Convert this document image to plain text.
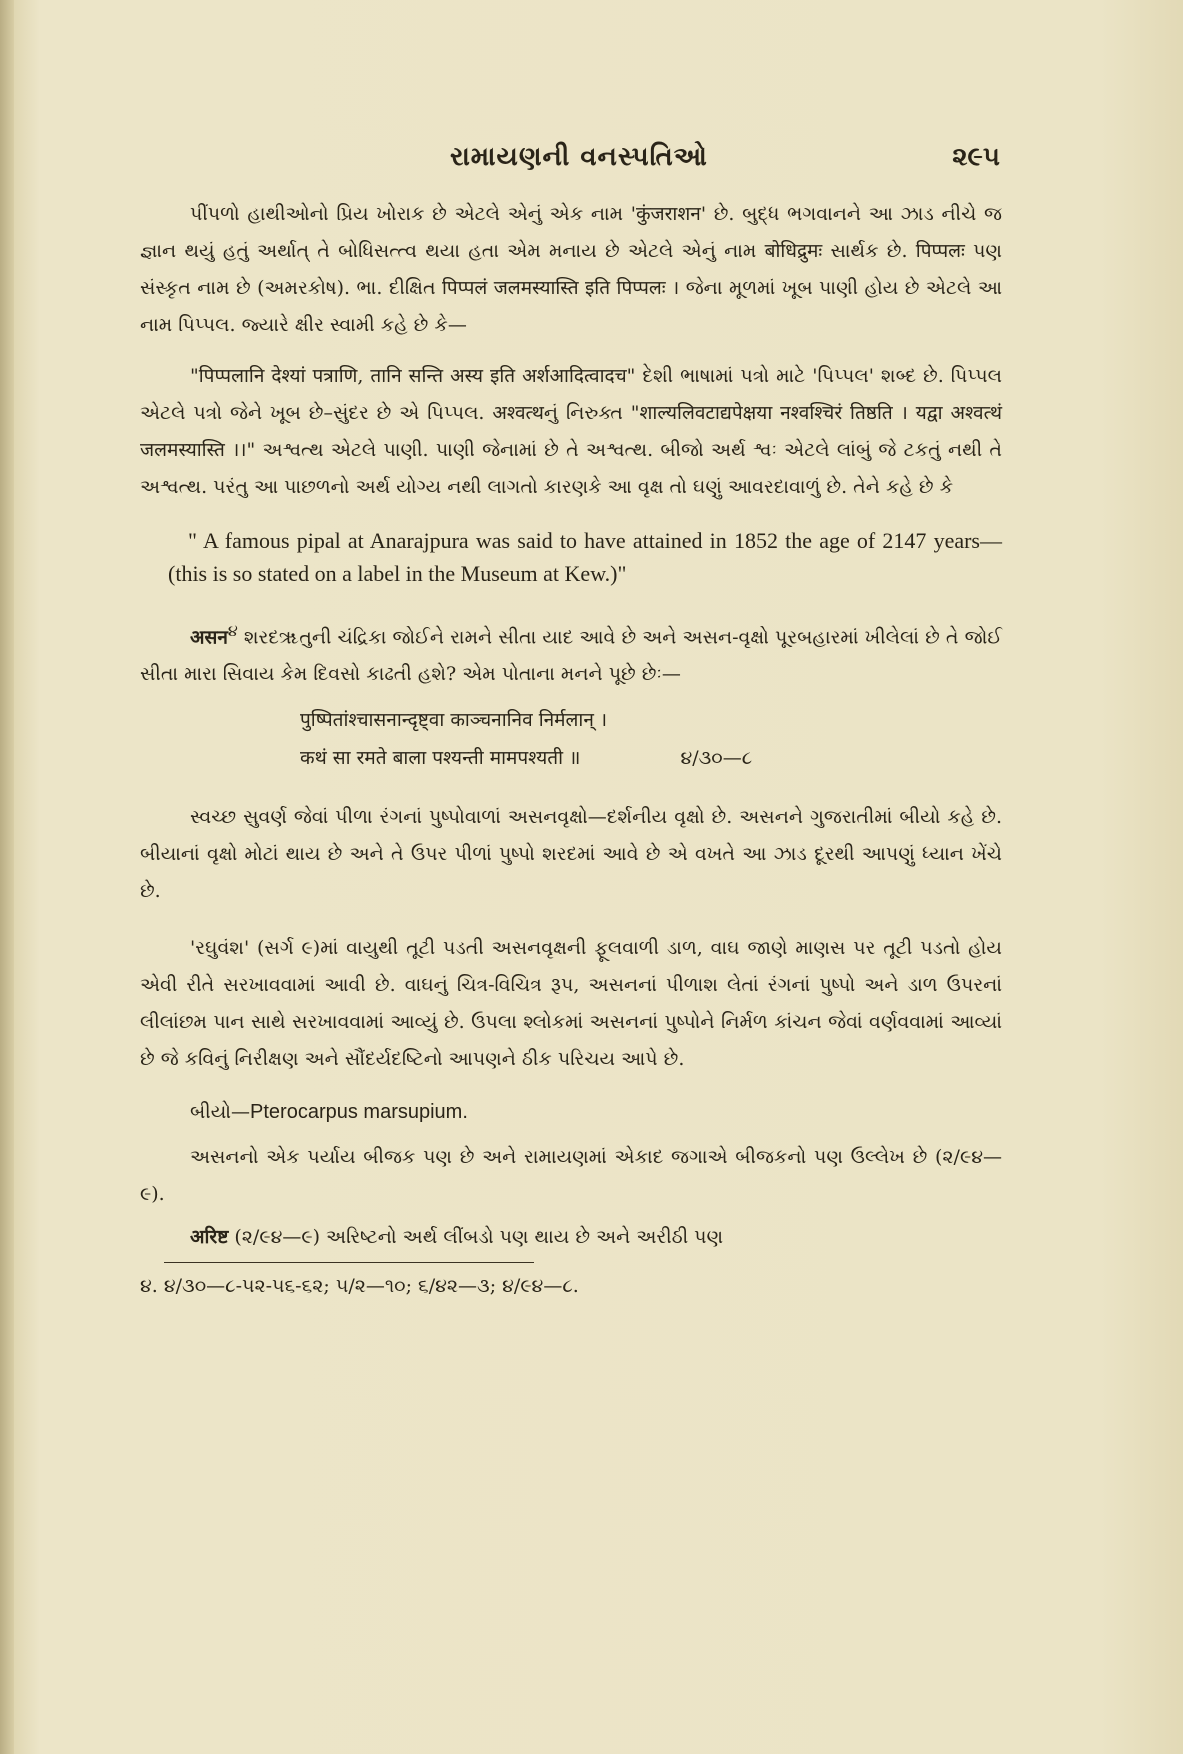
રામાયણની વનસ્પતિઓ	૨૯૫

પીંપળો હાથીઓનો પ્રિય ખોરાક છે એટલે એનું એક નામ 'कुंजराशन' છે. બુદ્ધ ભગવાનને આ ઝાડ નીચે જ જ્ઞાન થયું હતું અર્થાત્ તે બોધિસત્ત્વ થયા હતા એમ મનાય છે એટલે એનું નામ बोधिद्रुमः સાર્થક છે. पिप्पलः પણ સંસ્કૃત નામ છે (અમરકોષ). ભા. દીક્ષિત पिप्पलं जलमस्यास्ति इति पिप्पलः । જેના મૂળમાં ખૂબ પાણી હોય છે એટલે આ નામ પિપ્પલ. જ્યારે ક્ષીર સ્વામી કહે છે કે—

"पिप्पलानि देश्यां पत्राणि, तानि सन्ति अस्य इति अर्शआदित्वादच" દેશી ભાષામાં પત્રો માટે 'પિપ્પલ' શબ્દ છે. પિપ્પલ એટલે પત્રો જેને ખૂબ છે–સુંદર છે એ પિપ્પલ. अश्वत्थનું નિરુક્ત "शाल्यलिवटाद्यपेक्षया नश्वश्चिरं तिष्ठति । यद्वा अश्वत्थं जलमस्यास्ति ।।" અશ્વત્થ એટલે પાણી. પાણી જેનામાં છે તે અશ્વત્થ. બીજો અર્થ શ્વઃ એટલે લાંબું જે ટકતું નથી તે અશ્વત્થ. પરંતુ આ પાછળનો અર્થ યોગ્ય નથી લાગતો કારણકે આ વૃક્ષ તો ઘણું આવરદાવાળું છે. તેને કહે છે કે

" A famous pipal at Anarajpura was said to have attained in 1852 the age of 2147 years—(this is so stated on a label in the Museum at Kew.)"

असन$^૪$ શરદૠતુની ચંદ્રિકા જોઈને રામને સીતા યાદ આવે છે અને અસન-વૃક્ષો પૂરબહારમાં ખીલેલાં છે તે જોઈ સીતા મારા સિવાય કેમ દિવસો કાઢતી હશે? એમ પોતાના મનને પૂછે છેઃ—

पुष्पितांश्चासनान्दृष्ट्वा काञ्चनानिव निर्मलान् ।
कथं सा रमते बाला पश्यन्ती मामपश्यती ॥	૪/૩૦—૮

સ્વચ્છ સુવર્ણ જેવાં પીળા રંગનાં પુષ્પોવાળાં અસનવૃક્ષો—દર્શનીય વૃક્ષો છે. અસનને ગુજરાતીમાં બીયો કહે છે. બીયાનાં વૃક્ષો મોટાં થાય છે અને તે ઉપર પીળાં પુષ્પો શરદમાં આવે છે એ વખતે આ ઝાડ દૂરથી આપણું ધ્યાન ખેંચે છે.

'રઘુવંશ' (સર્ગ ૯)માં વાયુથી તૂટી પડતી અસનવૃક્ષની ફૂલવાળી ડાળ, વાઘ જાણે માણસ પર તૂટી પડતો હોય એવી રીતે સરખાવવામાં આવી છે. વાઘનું ચિત્ર-વિચિત્ર રૂપ, અસનનાં પીળાશ લેતાં રંગનાં પુષ્પો અને ડાળ ઉપરનાં લીલાંછમ પાન સાથે સરખાવવામાં આવ્યું છે. ઉપલા શ્લોકમાં અસનનાં પુષ્પોને નિર્મળ કાંચન જેવાં વર્ણવવામાં આવ્યાં છે જે કવિનું નિરીક્ષણ અને સૌંદર્યદષ્ટિનો આપણને ઠીક પરિચય આપે છે.

બીયો—Pterocarpus marsupium.

અસનનો એક પર્યાય બીજક પણ છે અને રામાયણમાં એકાદ જગાએ બીજકનો પણ ઉલ્લેખ છે (૨/૯૪—૯).

अरिष्ट (૨/૯૪—૯) અરિષ્ટનો અર્થ લીંબડો પણ થાય છે અને અરીઠી પણ

૪. ૪/૩૦—૮-૫૨-૫૬-૬૨; ૫/૨—૧૦; ૬/૪૨—૩; ૪/૯૪—૮.
